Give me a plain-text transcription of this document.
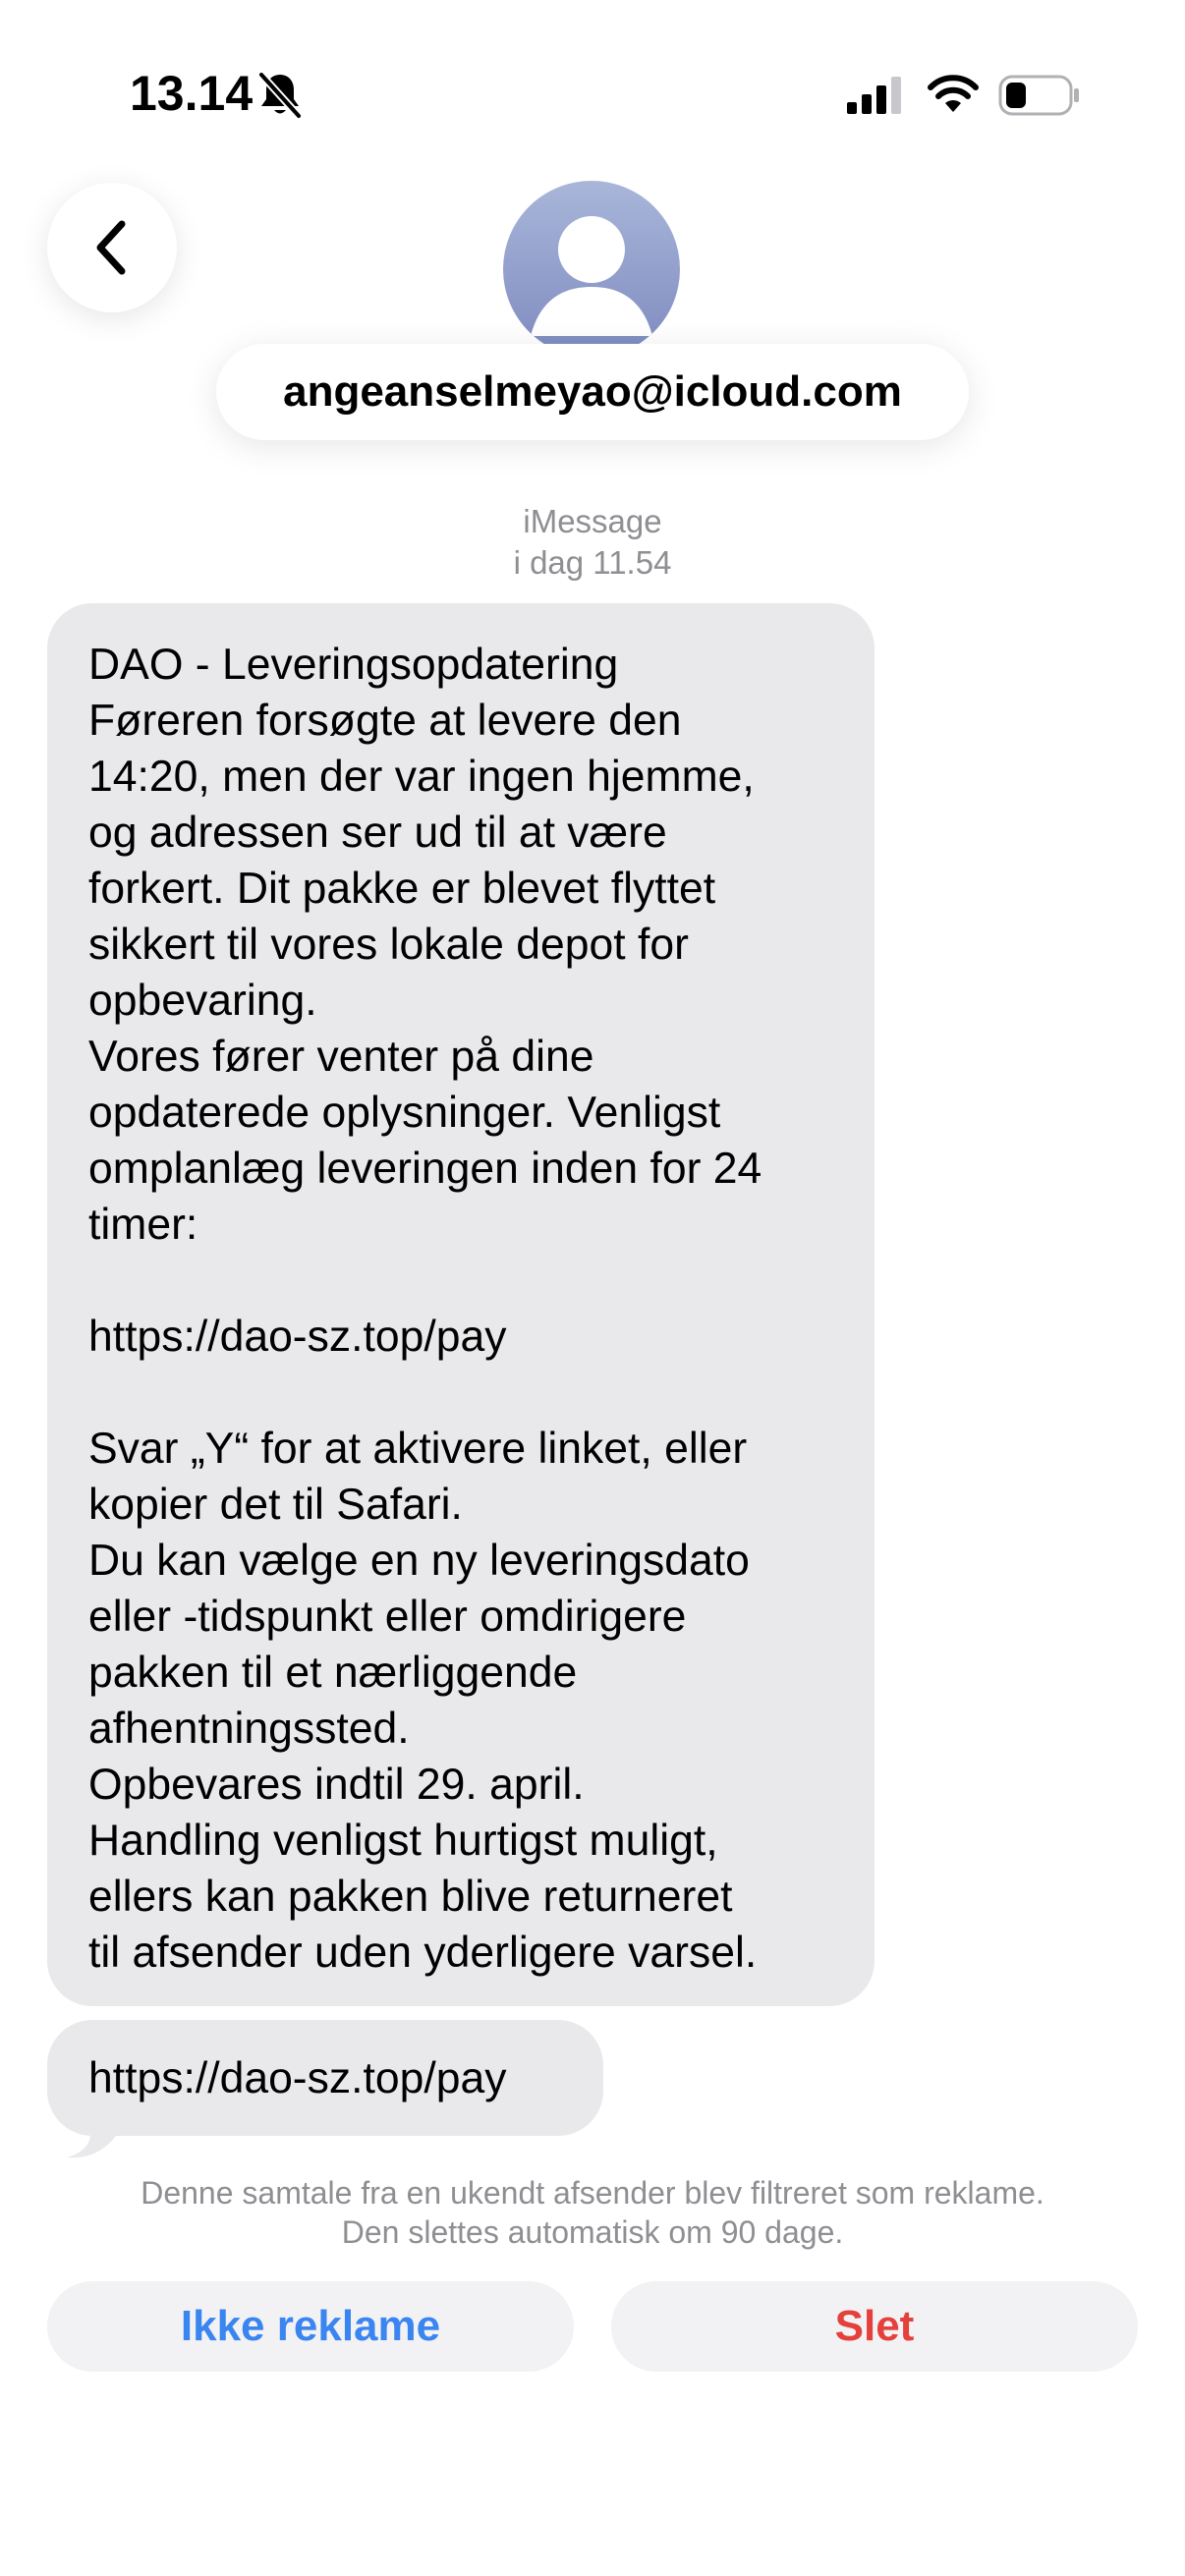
13.14
angeanselmeyao@icloud.com
iMessage
i dag 11.54
DAO - Leveringsopdatering
Føreren forsøgte at levere den
14:20, men der var ingen hjemme,
og adressen ser ud til at være
forkert. Dit pakke er blevet flyttet
sikkert til vores lokale depot for
opbevaring.
Vores fører venter på dine
opdaterede oplysninger. Venligst
omplanlæg leveringen inden for 24
timer:

https://dao-sz.top/pay

Svar „Y“ for at aktivere linket, eller
kopier det til Safari.
Du kan vælge en ny leveringsdato
eller -tidspunkt eller omdirigere
pakken til et nærliggende
afhentningssted.
Opbevares indtil 29. april.
Handling venligst hurtigst muligt,
ellers kan pakken blive returneret
til afsender uden yderligere varsel.
https://dao-sz.top/pay
Denne samtale fra en ukendt afsender blev filtreret som reklame. Den slettes automatisk om 90 dage.
Ikke reklame	Slet
